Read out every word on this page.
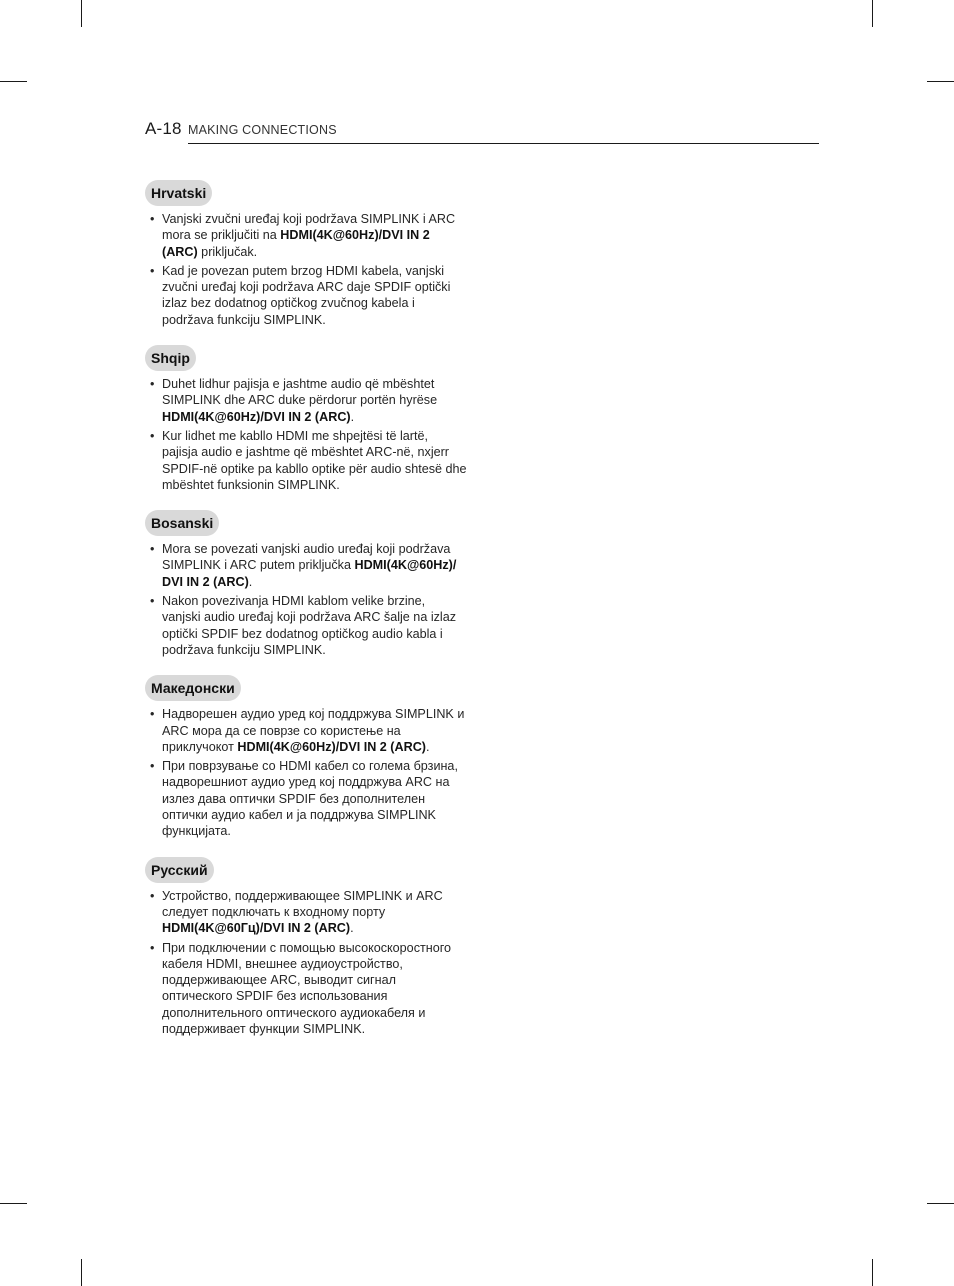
A-18 MAKING CONNECTIONS
Hrvatski
• Vanjski zvučni uređaj koji podržava SIMPLINK i ARC mora se priključiti na HDMI(4K@60Hz)/DVI IN 2 (ARC) priključak.
• Kad je povezan putem brzog HDMI kabela, vanjski zvučni uređaj koji podržava ARC daje SPDIF optički izlaz bez dodatnog optičkog zvučnog kabela i podržava funkciju SIMPLINK.
Shqip
• Duhet lidhur pajisja e jashtme audio që mbështet SIMPLINK dhe ARC duke përdorur portën hyrëse HDMI(4K@60Hz)/DVI IN 2 (ARC).
• Kur lidhet me kabllo HDMI me shpejtësi të lartë, pajisja audio e jashtme që mbështet ARC-në, nxjerr SPDIF-në optike pa kabllo optike për audio shtesë dhe mbështet funksionin SIMPLINK.
Bosanski
• Mora se povezati vanjski audio uređaj koji podržava SIMPLINK i ARC putem priključka HDMI(4K@60Hz)/ DVI IN 2 (ARC).
• Nakon povezivanja HDMI kablom velike brzine, vanjski audio uređaj koji podržava ARC šalje na izlaz optički SPDIF bez dodatnog optičkog audio kabla i podržava funkciju SIMPLINK.
Македонски
• Надворешен аудио уред кој поддржува SIMPLINK и ARC мора да се поврзе со користење на приклучокот HDMI(4K@60Hz)/DVI IN 2 (ARC).
• При поврзување со HDMI кабел со голема брзина, надворешниот аудио уред кој поддржува ARC на излез дава оптички SPDIF без дополнителен оптички аудио кабел и ја поддржува SIMPLINK функцијата.
Русский
• Устройство, поддерживающее SIMPLINK и ARC следует подключать к входному порту HDMI(4K@60Гц)/DVI IN 2 (ARC).
• При подключении с помощью высокоскоростного кабеля HDMI, внешнее аудиоустройство, поддерживающее ARC, выводит сигнал оптического SPDIF без использования дополнительного оптического аудиокабеля и поддерживает функции SIMPLINK.
